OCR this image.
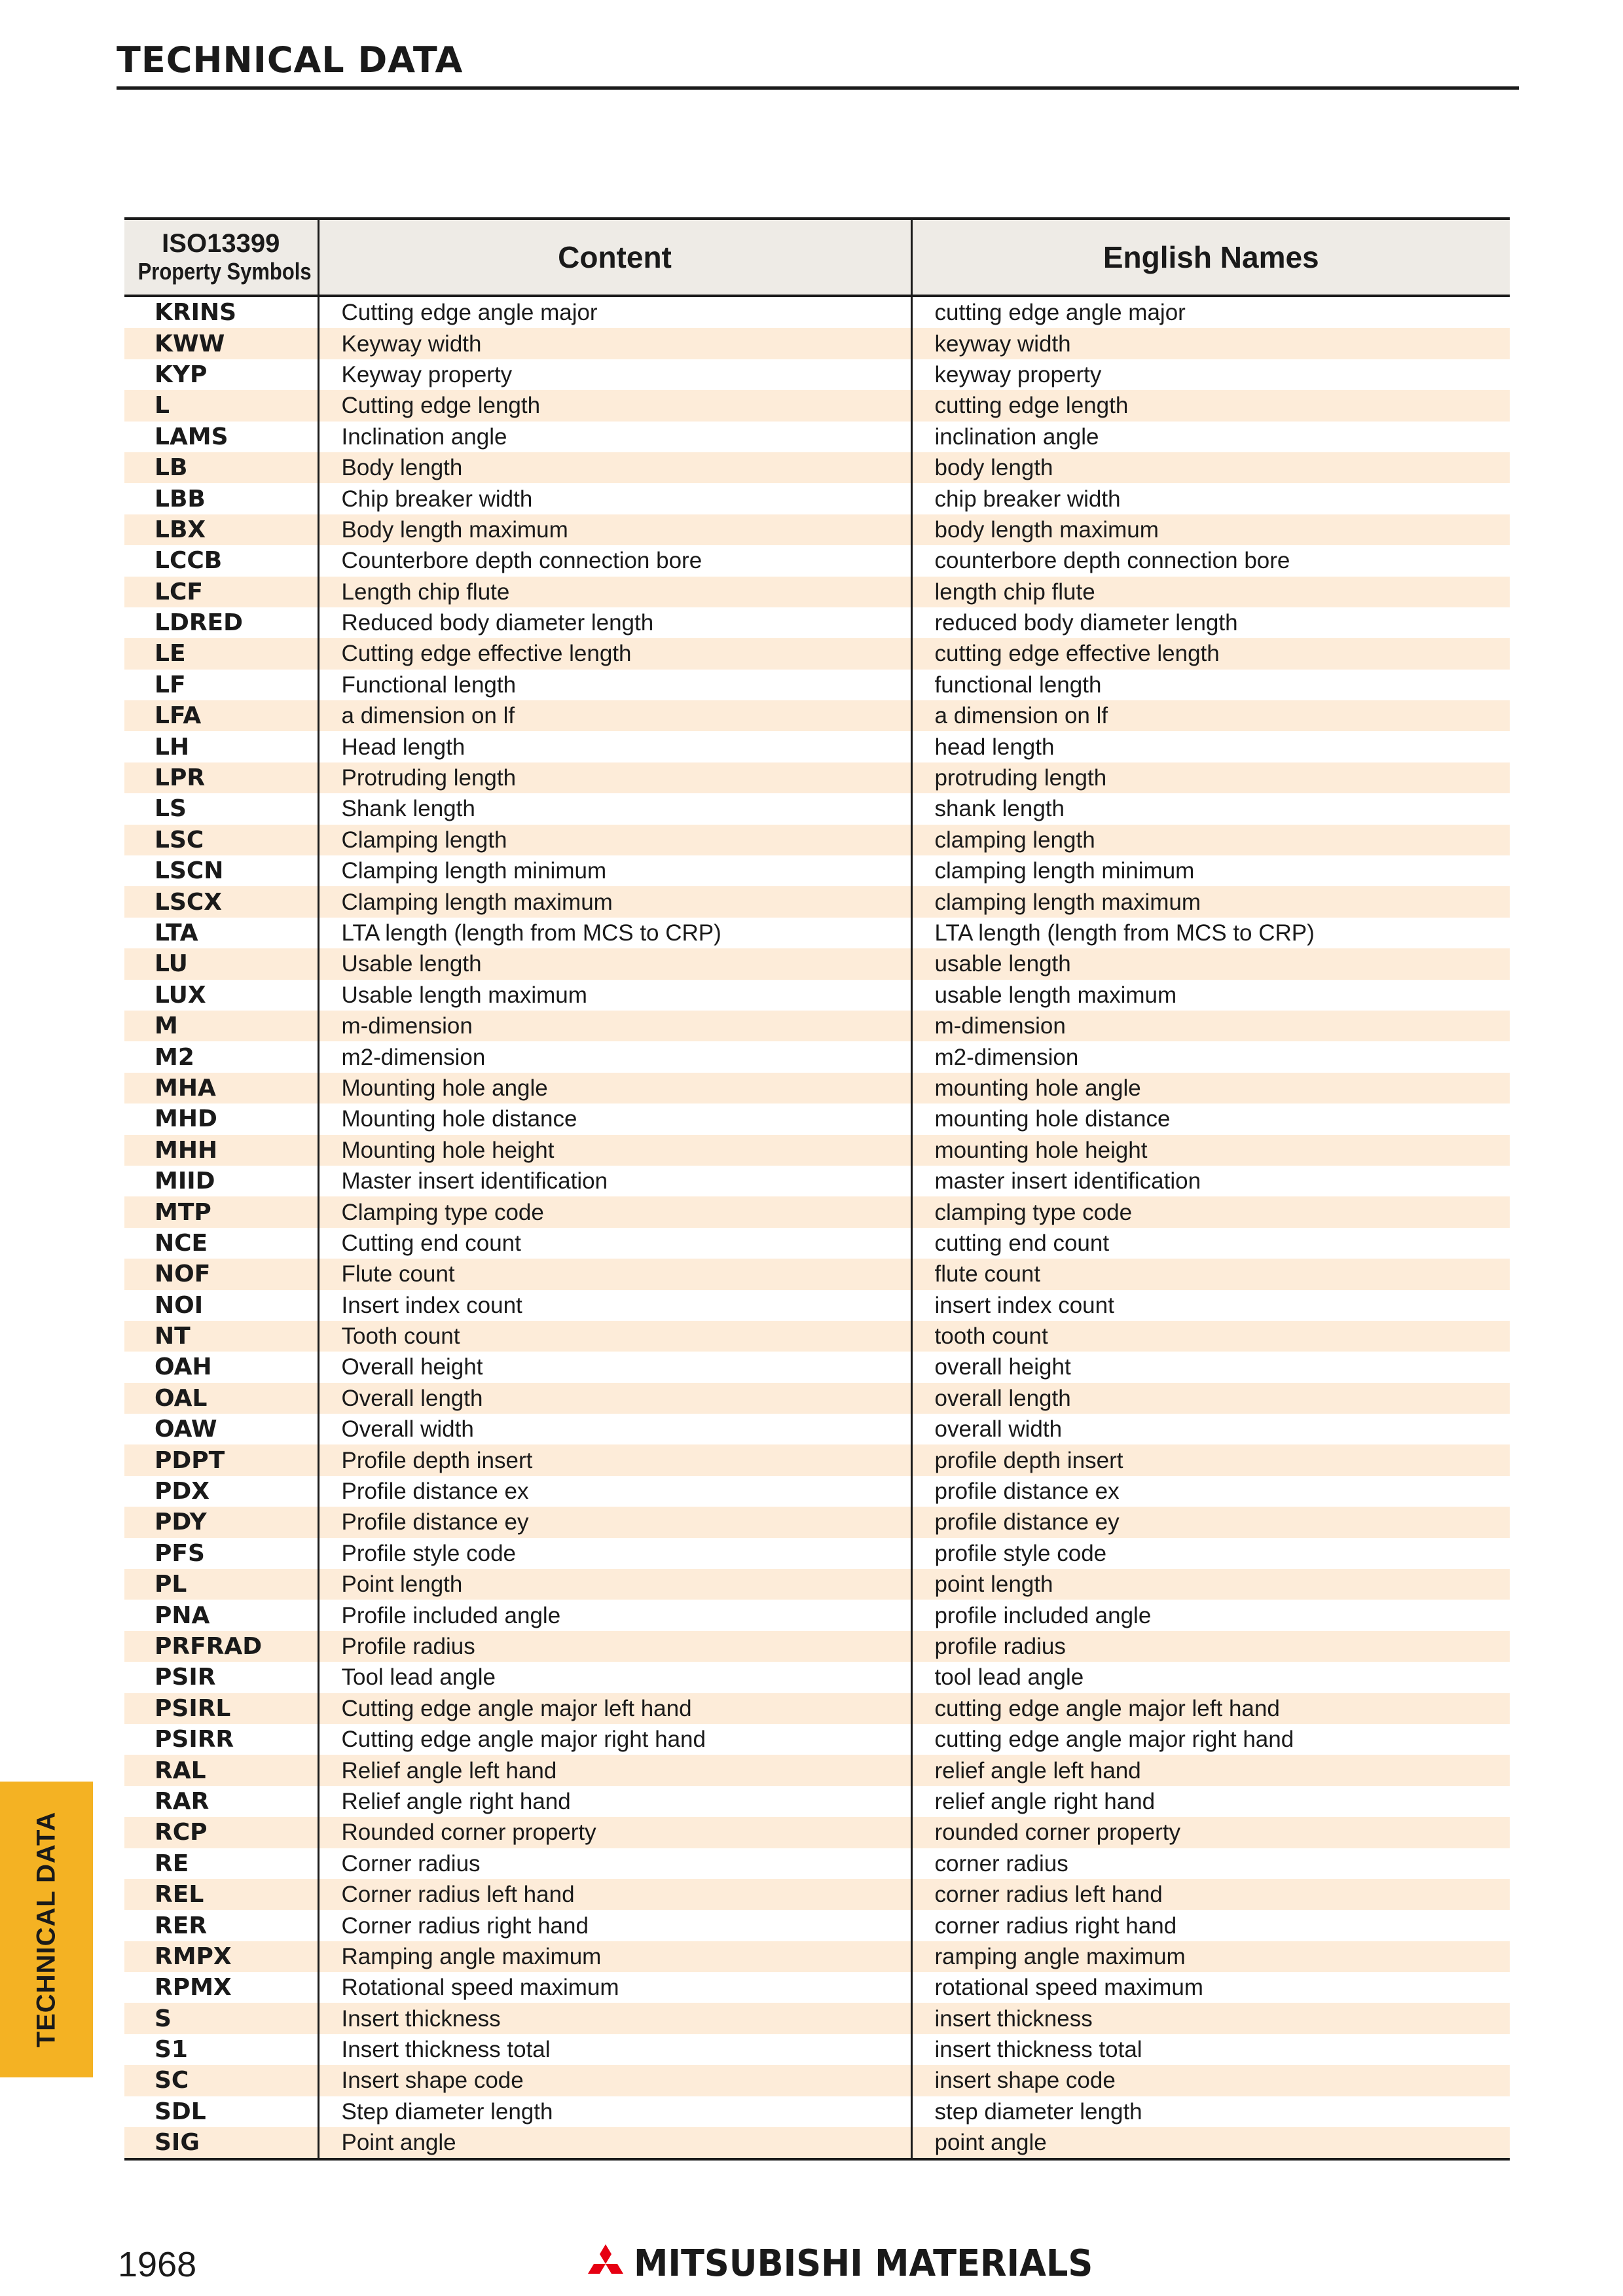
TECHNICAL DATA
ISO13399
Property Symbols	Content	English Names
KRINS	Cutting edge angle major	cutting edge angle major
KWW	Keyway width	keyway width
KYP	Keyway property	keyway property
L	Cutting edge length	cutting edge length
LAMS	Inclination angle	inclination angle
LB	Body length	body length
LBB	Chip breaker width	chip breaker width
LBX	Body length maximum	body length maximum
LCCB	Counterbore depth connection bore	counterbore depth connection bore
LCF	Length chip flute	length chip flute
LDRED	Reduced body diameter length	reduced body diameter length
LE	Cutting edge effective length	cutting edge effective length
LF	Functional length	functional length
LFA	a dimension on lf	a dimension on lf
LH	Head length	head length
LPR	Protruding length	protruding length
LS	Shank length	shank length
LSC	Clamping length	clamping length
LSCN	Clamping length minimum	clamping length minimum
LSCX	Clamping length maximum	clamping length maximum
LTA	LTA length (length from MCS to CRP)	LTA length (length from MCS to CRP)
LU	Usable length	usable length
LUX	Usable length maximum	usable length maximum
M	m-dimension	m-dimension
M2	m2-dimension	m2-dimension
MHA	Mounting hole angle	mounting hole angle
MHD	Mounting hole distance	mounting hole distance
MHH	Mounting hole height	mounting hole height
MIID	Master insert identification	master insert identification
MTP	Clamping type code	clamping type code
NCE	Cutting end count	cutting end count
NOF	Flute count	flute count
NOI	Insert index count	insert index count
NT	Tooth count	tooth count
OAH	Overall height	overall height
OAL	Overall length	overall length
OAW	Overall width	overall width
PDPT	Profile depth insert	profile depth insert
PDX	Profile distance ex	profile distance ex
PDY	Profile distance ey	profile distance ey
PFS	Profile style code	profile style code
PL	Point length	point length
PNA	Profile included angle	profile included angle
PRFRAD	Profile radius	profile radius
PSIR	Tool lead angle	tool lead angle
PSIRL	Cutting edge angle major left hand	cutting edge angle major left hand
PSIRR	Cutting edge angle major right hand	cutting edge angle major right hand
RAL	Relief angle left hand	relief angle left hand
RAR	Relief angle right hand	relief angle right hand
RCP	Rounded corner property	rounded corner property
RE	Corner radius	corner radius
REL	Corner radius left hand	corner radius left hand
RER	Corner radius right hand	corner radius right hand
RMPX	Ramping angle maximum	ramping angle maximum
RPMX	Rotational speed maximum	rotational speed maximum
S	Insert thickness	insert thickness
S1	Insert thickness total	insert thickness total
SC	Insert shape code	insert shape code
SDL	Step diameter length	step diameter length
SIG	Point angle	point angle
TECHNICAL DATA
1968	MITSUBISHI MATERIALS
